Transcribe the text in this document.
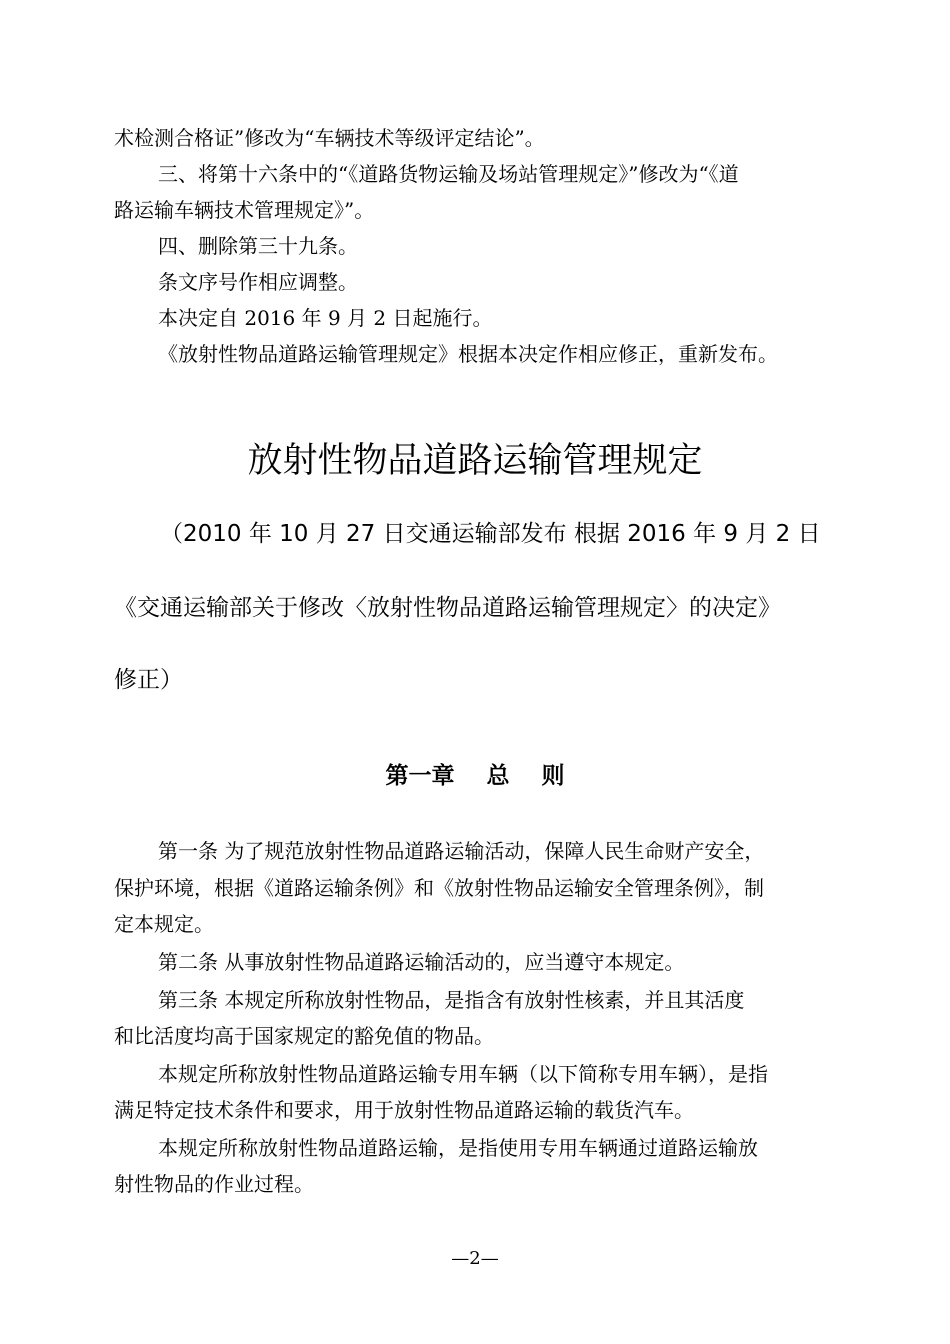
术检测合格证”修改为“车辆技术等级评定结论”。

三、将第十六条中的“《道路货物运输及场站管理规定》”修改为“《道

路运输车辆技术管理规定》”。

四、删除第三十九条。

条文序号作相应调整。

本决定自 2016 年 9 月 2 日起施行。

《放射性物品道路运输管理规定》根据本决定作相应修正，重新发布。

放射性物品道路运输管理规定

（2010 年 10 月 27 日交通运输部发布 根据 2016 年 9 月 2 日

《交通运输部关于修改〈放射性物品道路运输管理规定〉的决定》

修正）

第一章    总    则

第一条 为了规范放射性物品道路运输活动，保障人民生命财产安全，

保护环境，根据《道路运输条例》和《放射性物品运输安全管理条例》，制

定本规定。

第二条 从事放射性物品道路运输活动的，应当遵守本规定。

第三条 本规定所称放射性物品，是指含有放射性核素，并且其活度

和比活度均高于国家规定的豁免值的物品。

本规定所称放射性物品道路运输专用车辆（以下简称专用车辆），是指

满足特定技术条件和要求，用于放射性物品道路运输的载货汽车。

本规定所称放射性物品道路运输，是指使用专用车辆通过道路运输放

射性物品的作业过程。

—2—
